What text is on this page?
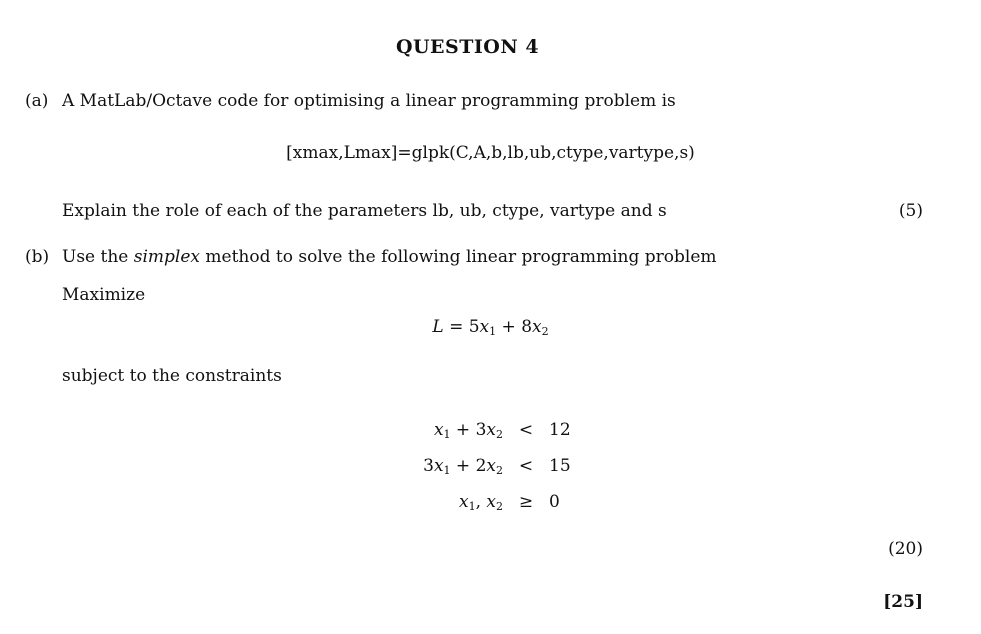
QUESTION 4
(a) A MatLab/Octave code for optimising a linear programming problem is
[xmax,Lmax]=glpk(C,A,b,lb,ub,ctype,vartype,s)
Explain the role of each of the parameters lb, ub, ctype, vartype and s	(5)
(b) Use the simplex method to solve the following linear programming problem
Maximize
$L = 5x_1 + 8x_2$
subject to the constraints
$x_1 + 3x_2$	<	12
$3x_1 + 2x_2$	<	15
$x_1$, $x_2$	≥	0
(20)
[25]
